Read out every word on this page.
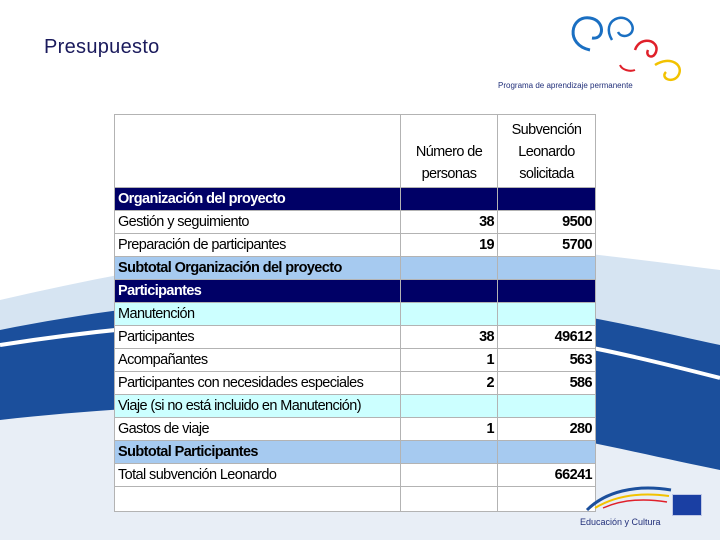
Presupuesto
Programa de aprendizaje permanente
	Número de personas	Subvención Leonardo solicitada
Organización del proyecto		
Gestión y seguimiento	38	9500
Preparación de participantes	19	5700
Subtotal Organización del proyecto		
Participantes		
Manutención		
Participantes	38	49612
Acompañantes	1	563
Participantes con necesidades especiales	2	586
Viaje (si no está incluido en Manutención)		
Gastos de viaje	1	280
Subtotal Participantes		
Total subvención Leonardo		66241

Educación y Cultura
